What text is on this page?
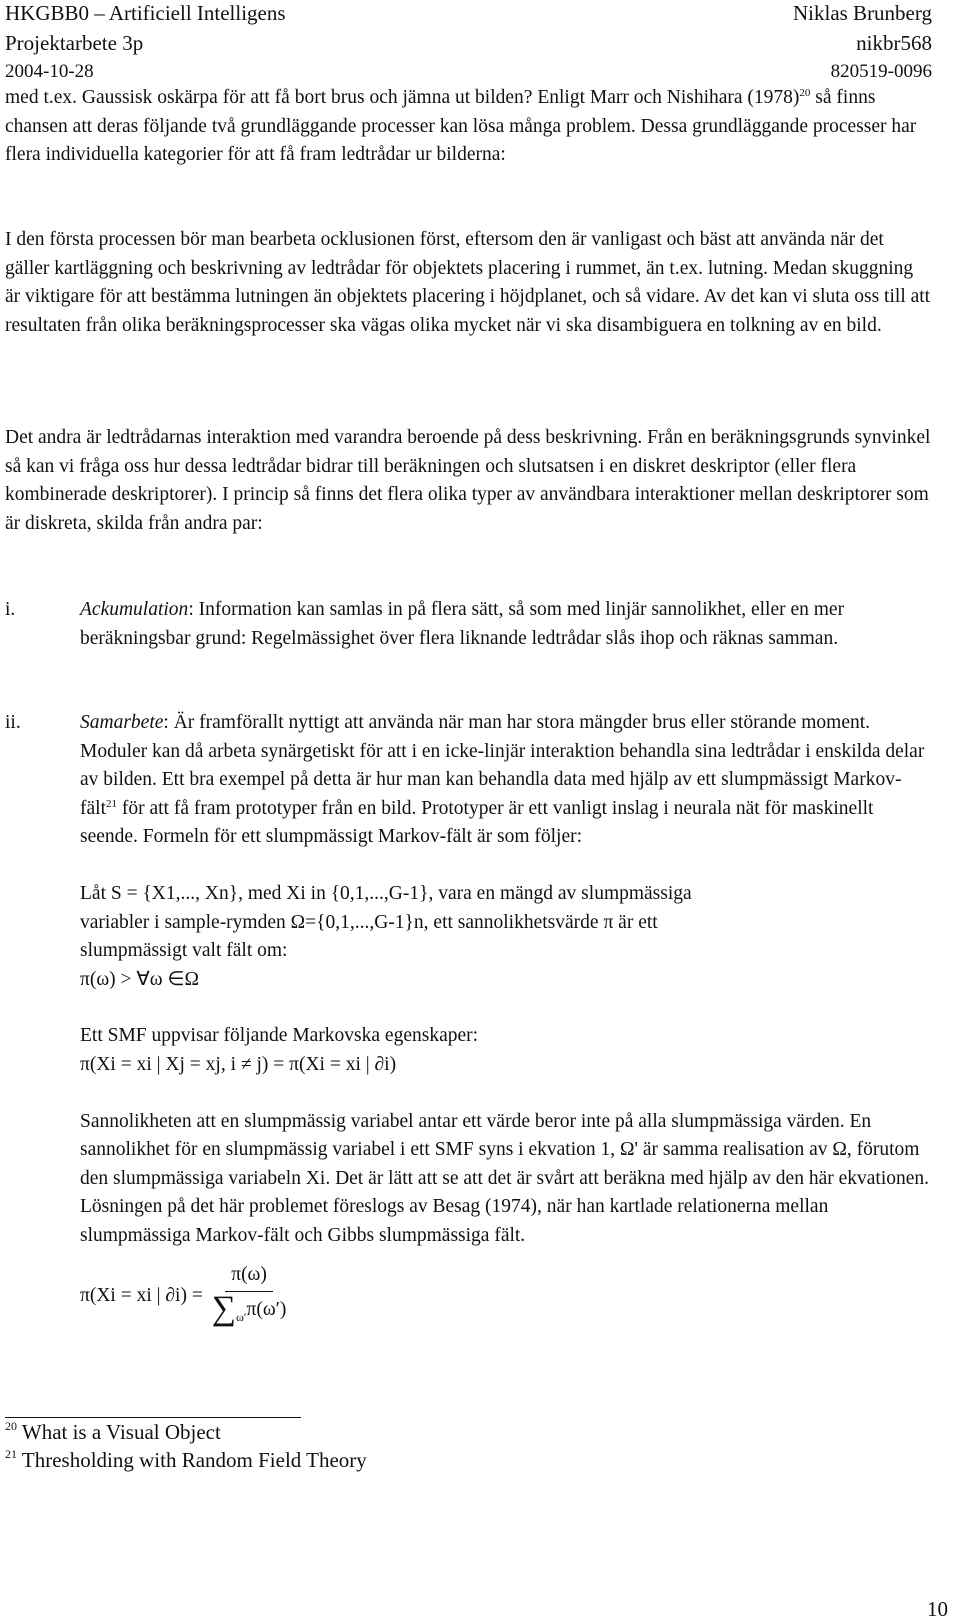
HKGBB0 – Artificiell Intelligens	Niklas Brunberg
Projektarbete 3p	nikbr568
2004-10-28	820519-0096

med t.ex. Gaussisk oskärpa för att få bort brus och jämna ut bilden? Enligt Marr och Nishihara $(1978)^{20}$ så finns chansen att deras följande två grundläggande processer kan lösa många problem. Dessa grundläggande processer har flera individuella kategorier för att få fram ledtrådar ur bilderna:

I den första processen bör man bearbeta ocklusionen först, eftersom den är vanligast och bäst att använda när det gäller kartläggning och beskrivning av ledtrådar för objektets placering i rummet, än t.ex. lutning. Medan skuggning är viktigare för att bestämma lutningen än objektets placering i höjdplanet, och så vidare. Av det kan vi sluta oss till att resultaten från olika beräkningsprocesser ska vägas olika mycket när vi ska disambiguera en tolkning av en bild.

Det andra är ledtrådarnas interaktion med varandra beroende på dess beskrivning. Från en beräkningsgrunds synvinkel så kan vi fråga oss hur dessa ledtrådar bidrar till beräkningen och slutsatsen i en diskret deskriptor (eller flera kombinerade deskriptorer). I princip så finns det flera olika typer av användbara interaktioner mellan deskriptorer som är diskreta, skilda från andra par:

i.	Ackumulation: Information kan samlas in på flera sätt, så som med linjär sannolikhet, eller en mer beräkningsbar grund: Regelmässighet över flera liknande ledtrådar slås ihop och räknas samman.
ii.	Samarbete: Är framförallt nyttigt att använda när man har stora mängder brus eller störande moment. Moduler kan då arbeta synärgetiskt för att i en icke-linjär interaktion behandla sina ledtrådar i enskilda delar av bilden. Ett bra exempel på detta är hur man kan behandla data med hjälp av ett slumpmässigt Markov-fält$^{21}$ för att få fram prototyper från en bild. Prototyper är ett vanligt inslag i neurala nät för maskinellt seende. Formeln för ett slumpmässigt Markov-fält är som följer:

Låt S = {X1,..., Xn}, med Xi in {0,1,...,G-1}, vara en mängd av slumpmässiga

variabler i sample-rymden Ω={0,1,...,G-1}n, ett sannolikhetsvärde π är ett

slumpmässigt valt fält om:

π(ω) > ∀ω ∈Ω

Ett SMF uppvisar följande Markovska egenskaper:

π(Xi = xi | Xj = xj, i ≠ j) = π(Xi = xi | ∂i)

Sannolikheten att en slumpmässig variabel antar ett värde beror inte på alla slumpmässiga värden. En sannolikhet för en slumpmässig variabel i ett SMF syns i ekvation 1, Ω' är samma realisation av Ω, förutom den slumpmässiga variabeln Xi. Det är lätt att se att det är svårt att beräkna med hjälp av den här ekvationen. Lösningen på det här problemet föreslogs av Besag (1974), när han kartlade relationerna mellan slumpmässiga Markov-fält och Gibbs slumpmässiga fält.

π(Xi = xi | $\partial i) = \frac{\pi(\omega)}{\sum_{\omega'}\pi(\omega')}$

$^{20}$ What is a Visual Object
$^{21}$ Thresholding with Random Field Theory
10
